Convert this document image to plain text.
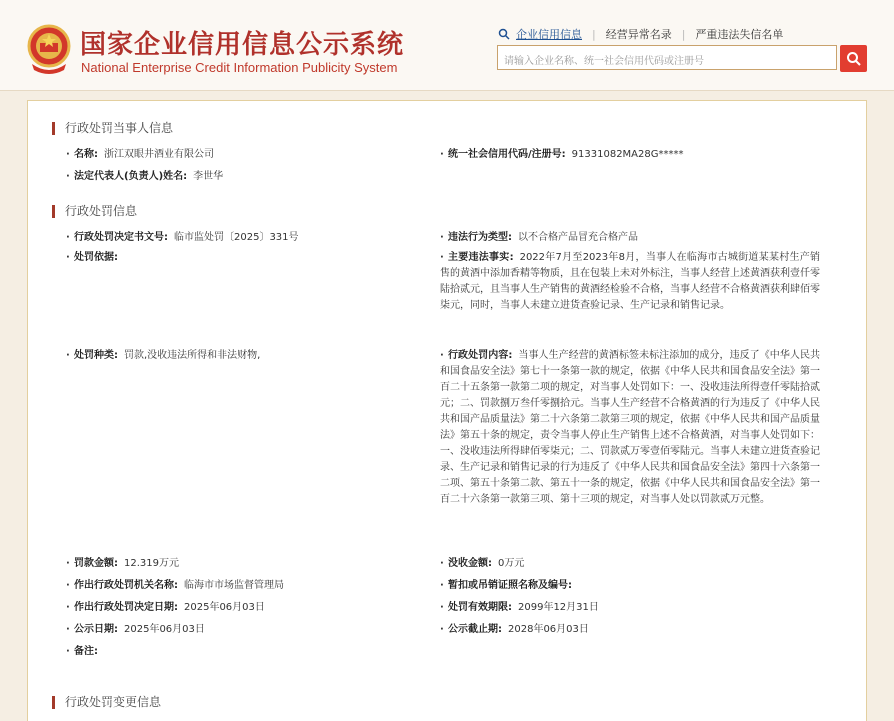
国家企业信用信息公示系统
National Enterprise Credit Information Publicity System
企业信用信息 | 经营异常名录 | 严重违法失信名单
请输入企业名称、统一社会信用代码或注册号
行政处罚当事人信息
· 名称: 浙江双眼井酒业有限公司	· 统一社会信用代码/注册号: 91331082MA28G*****
· 法定代表人(负责人)姓名: 李世华
行政处罚信息
· 行政处罚决定书文号: 临市监处罚〔2025〕331号	· 违法行为类型: 以不合格产品冒充合格产品
· 处罚依据:	· 主要违法事实: 2022年7月至2023年8月，当事人在临海市古城街道某某村生产销售的黄酒中添加香精等物质，且在包装上未对外标注，当事人经营上述黄酒获利壹仟零陆拾贰元，且当事人生产销售的黄酒经检验不合格，当事人经营不合格黄酒获利肆佰零柒元，同时，当事人未建立进货查验记录、生产记录和销售记录。
· 处罚种类: 罚款,没收违法所得和非法财物,	· 行政处罚内容: 当事人生产经营的黄酒标签未标注添加的成分，违反了《中华人民共和国食品安全法》第七十一条第一款的规定，依据《中华人民共和国食品安全法》第一百二十五条第一款第二项的规定，对当事人处罚如下：一、没收违法所得壹仟零陆拾贰元；二、罚款捌万叁仟零捌拾元。当事人生产经营不合格黄酒的行为违反了《中华人民共和国产品质量法》第二十六条第二款第三项的规定，依据《中华人民共和国产品质量法》第五十条的规定，责令当事人停止生产销售上述不合格黄酒，对当事人处罚如下：一、没收违法所得肆佰零柒元；二、罚款贰万零壹佰零陆元。当事人未建立进货查验记录、生产记录和销售记录的行为违反了《中华人民共和国食品安全法》第四十六条第一二项、第五十条第二款、第五十一条的规定，依据《中华人民共和国食品安全法》第一百二十六条第一款第三项、第十三项的规定，对当事人处以罚款贰万元整。
· 罚款金额: 12.319万元	· 没收金额: 0万元
· 作出行政处罚机关名称: 临海市市场监督管理局	· 暂扣或吊销证照名称及编号:
· 作出行政处罚决定日期: 2025年06月03日	· 处罚有效期限: 2099年12月31日
· 公示日期: 2025年06月03日	· 公示截止期: 2028年06月03日
· 备注:
行政处罚变更信息
